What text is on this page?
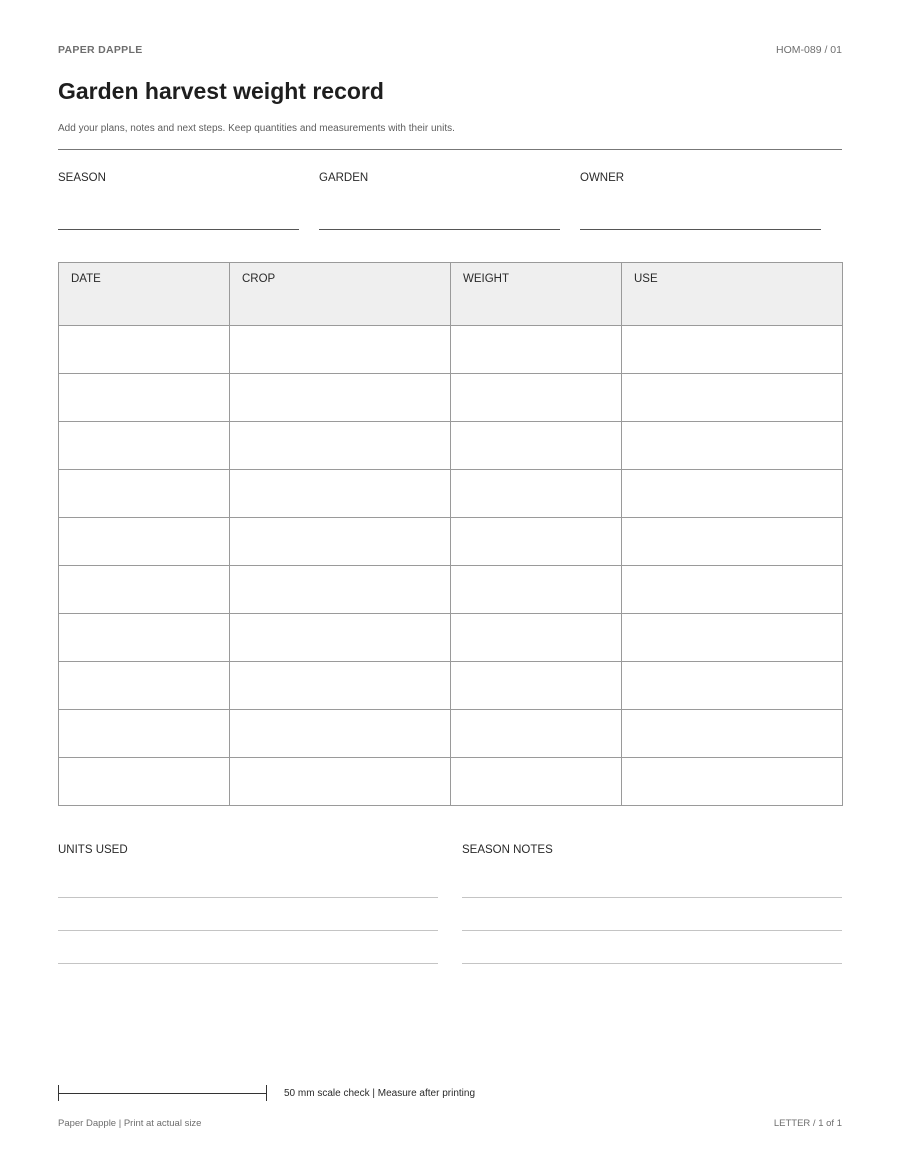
PAPER DAPPLE	HOM-089 / 01
Garden harvest weight record

Add your plans, notes and next steps. Keep quantities and measurements with their units.

SEASON	GARDEN	OWNER
DATE	CROP	WEIGHT	USE

UNITS USED	SEASON NOTES
50 mm scale check | Measure after printing
Paper Dapple | Print at actual size	LETTER / 1 of 1
